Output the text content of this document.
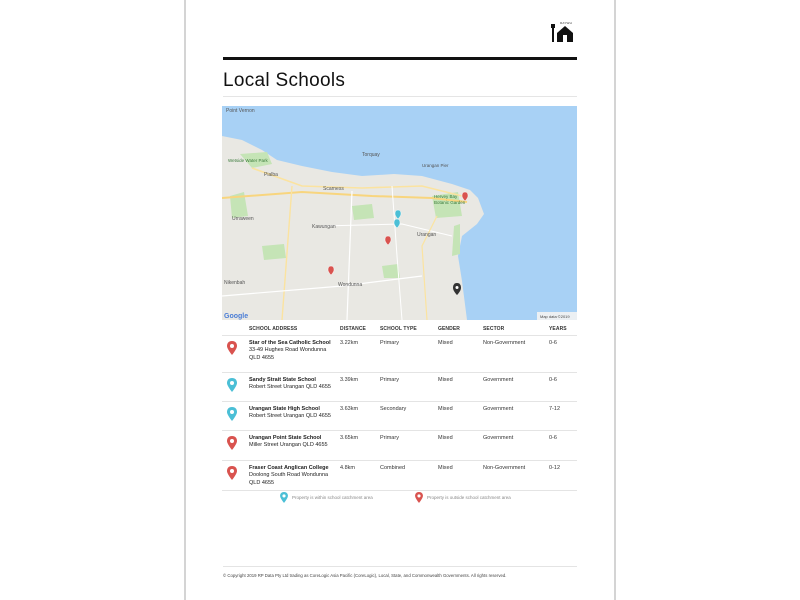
RAYWH
Local Schools
Point Vernon
Wetside Water Park
Pialba
Scarness
Torquay
Urangan Pier
Hervey Bay
Botanic Garden
Urraween
Kawungan
Urangan
Nikenbah	Wondunna
Google	Map data ©2019
SCHOOL ADDRESS	DISTANCE	SCHOOL TYPE	GENDER	SECTOR	YEARS
Star of the Sea Catholic School
33-49 Hughes Road Wondunna QLD 4655
3.22km	Primary	Mixed	Non-Government	0-6
Sandy Strait State School
Robert Street Urangan QLD 4655
3.39km	Primary	Mixed	Government	0-6
Urangan State High School
Robert Street Urangan QLD 4655
3.63km	Secondary	Mixed	Government	7-12
Urangan Point State School
Miller Street Urangan QLD 4655
3.65km	Primary	Mixed	Government	0-6
Fraser Coast Anglican College
Doolong South Road Wondunna QLD 4655
4.8km	Combined	Mixed	Non-Government	0-12
Property is within school catchment area	Property is outside school catchment area
© Copyright 2019 RP Data Pty Ltd trading as CoreLogic Asia Pacific (CoreLogic), Local, State, and Commonwealth Governments. All rights reserved.
